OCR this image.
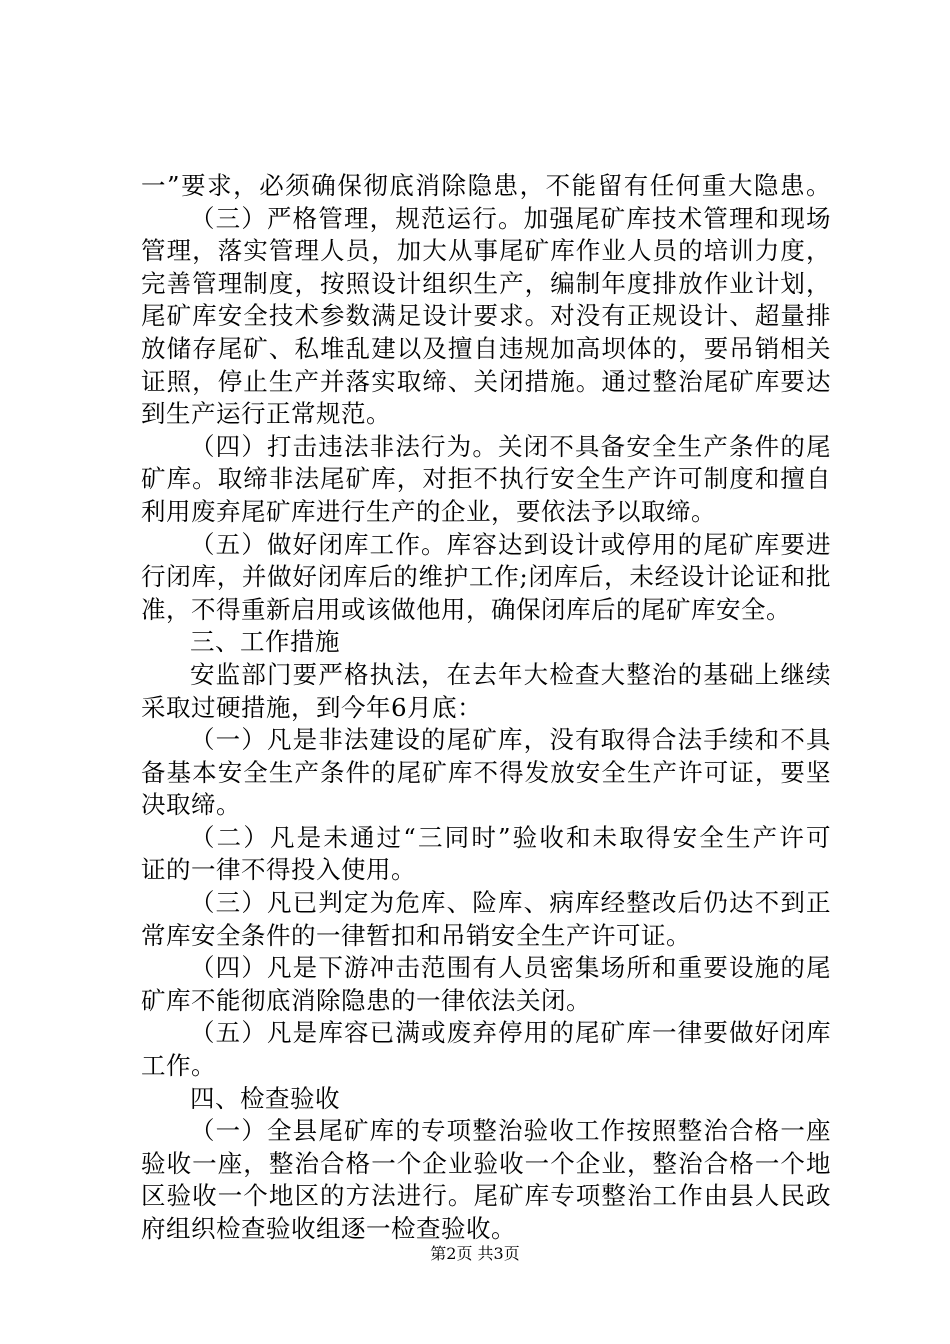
一”要求，必须确保彻底消除隐患，不能留有任何重大隐患。
（三）严格管理，规范运行。加强尾矿库技术管理和现场
管理，落实管理人员，加大从事尾矿库作业人员的培训力度，
完善管理制度，按照设计组织生产，编制年度排放作业计划，
尾矿库安全技术参数满足设计要求。对没有正规设计、超量排
放储存尾矿、私堆乱建以及擅自违规加高坝体的，要吊销相关
证照，停止生产并落实取缔、关闭措施。通过整治尾矿库要达
到生产运行正常规范。
（四）打击违法非法行为。关闭不具备安全生产条件的尾
矿库。取缔非法尾矿库，对拒不执行安全生产许可制度和擅自
利用废弃尾矿库进行生产的企业，要依法予以取缔。
（五）做好闭库工作。库容达到设计或停用的尾矿库要进
行闭库，并做好闭库后的维护工作;闭库后，未经设计论证和批
准，不得重新启用或该做他用，确保闭库后的尾矿库安全。
三、工作措施
安监部门要严格执法，在去年大检查大整治的基础上继续
采取过硬措施，到今年6月底：
（一）凡是非法建设的尾矿库，没有取得合法手续和不具
备基本安全生产条件的尾矿库不得发放安全生产许可证，要坚
决取缔。
（二）凡是未通过“三同时”验收和未取得安全生产许可
证的一律不得投入使用。
（三）凡已判定为危库、险库、病库经整改后仍达不到正
常库安全条件的一律暂扣和吊销安全生产许可证。
（四）凡是下游冲击范围有人员密集场所和重要设施的尾
矿库不能彻底消除隐患的一律依法关闭。
（五）凡是库容已满或废弃停用的尾矿库一律要做好闭库
工作。
四、检查验收
（一）全县尾矿库的专项整治验收工作按照整治合格一座
验收一座，整治合格一个企业验收一个企业，整治合格一个地
区验收一个地区的方法进行。尾矿库专项整治工作由县人民政
府组织检查验收组逐一检查验收。
第2页 共3页
